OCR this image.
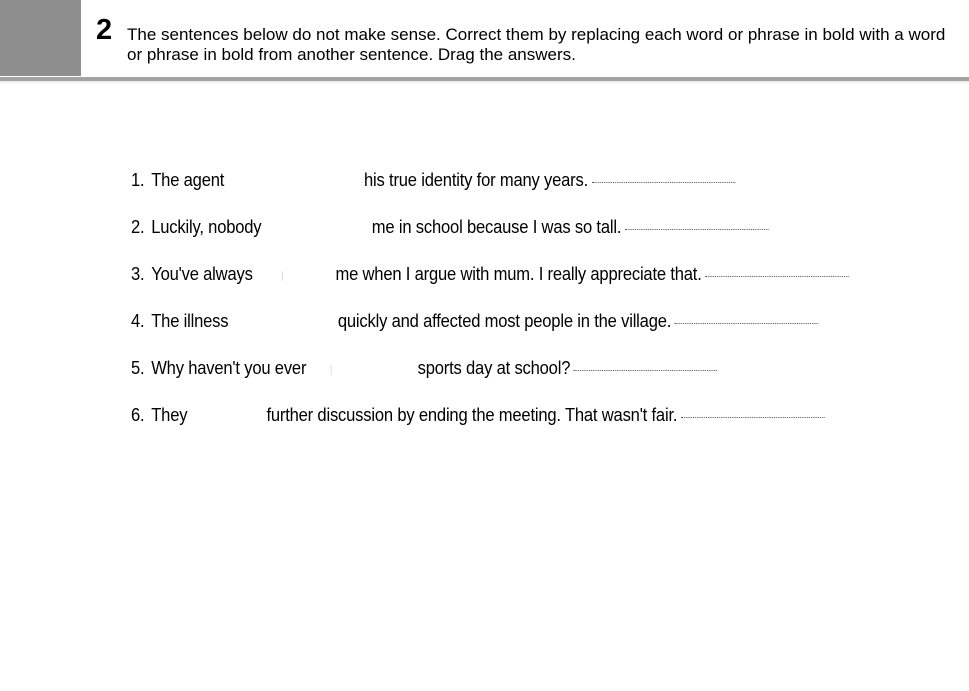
2 The sentences below do not make sense. Correct them by replacing each word or phrase in bold with a word or phrase in bold from another sentence. Drag the answers.
1. The agent	his true identity for many years.
2. Luckily, nobody	me in school because I was so tall.
3. You've always	me when I argue with mum. I really appreciate that.
4. The illness	quickly and affected most people in the village.
5. Why haven't you ever	sports day at school?
6. They	further discussion by ending the meeting. That wasn't fair.
